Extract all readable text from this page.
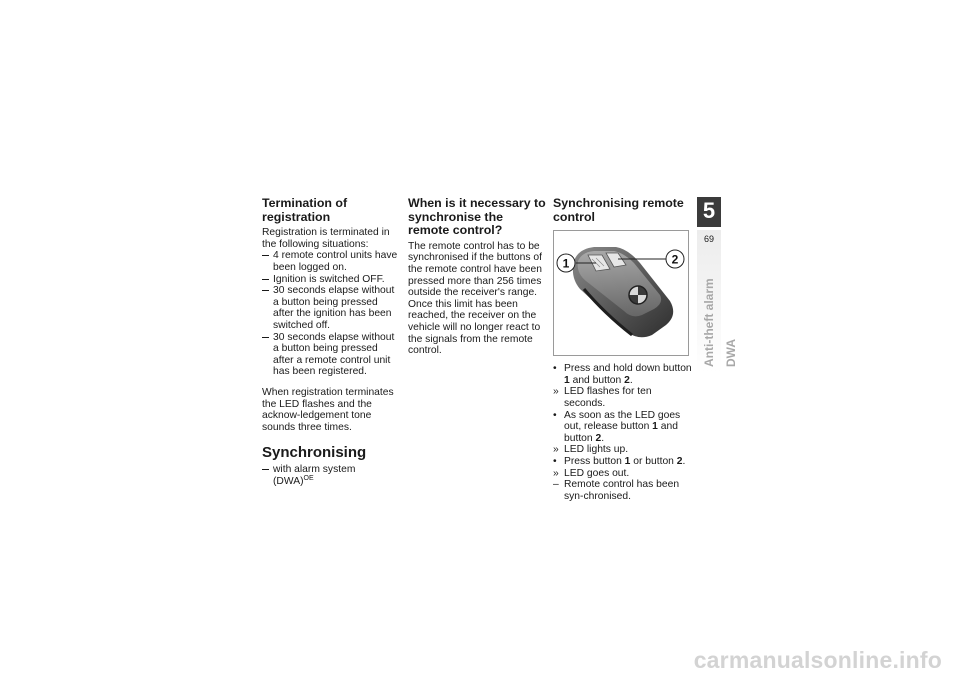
Termination of registration

Registration is terminated in the following situations:

4 remote control units have been logged on.
Ignition is switched OFF.
30 seconds elapse without a button being pressed after the ignition has been switched off.
30 seconds elapse without a button being pressed after a remote control unit has been registered.

When registration terminates the LED flashes and the acknow-ledgement tone sounds three times.

Synchronising
with alarm system (DWA)$^{OE}$
When is it necessary to synchronise the remote control?

The remote control has to be synchronised if the buttons of the remote control have been pressed more than 256 times outside the receiver's range. Once this limit has been reached, the receiver on the vehicle will no longer react to the signals from the remote control.

Synchronising remote control
1	2
• Press and hold down button 1 and button 2.
» LED flashes for ten seconds.
• As soon as the LED goes out, release button 1 and button 2.
» LED lights up.
• Press button 1 or button 2.
» LED goes out.
– Remote control has been syn-chronised.
5
69
Anti-theft alarm DWA
carmanualsonline.info
